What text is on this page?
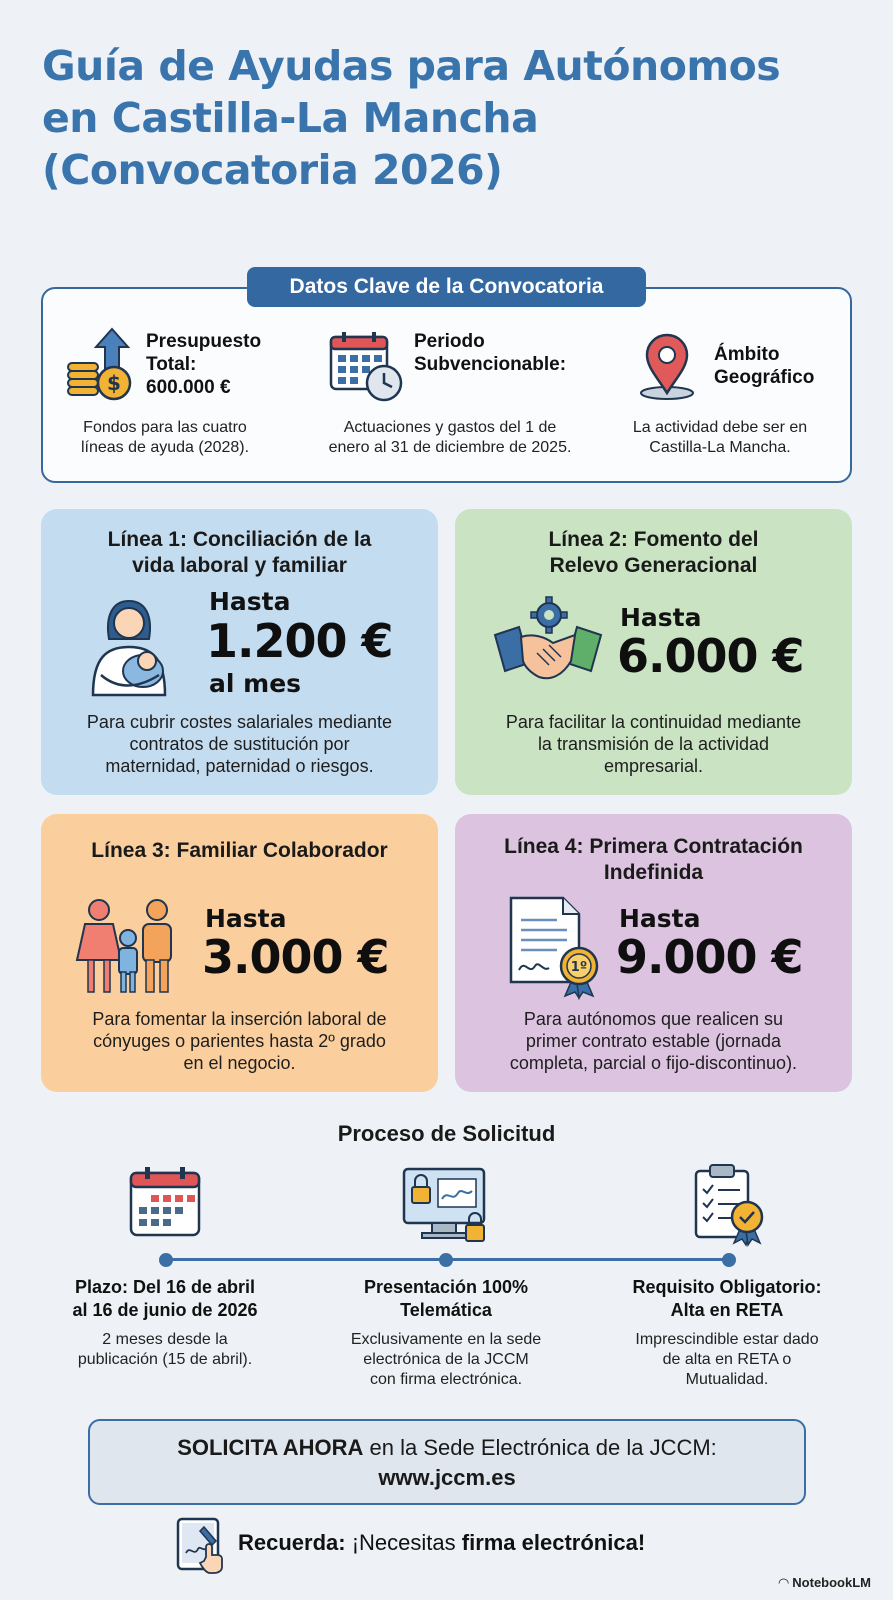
Guía de Ayudas para Autónomos
en Castilla-La Mancha
(Convocatoria 2026)
Datos Clave de la Convocatoria
$
Presupuesto
Total:
600.000 €
Fondos para las cuatro
líneas de ayuda (2028).
Periodo
Subvencionable:
Actuaciones y gastos del 1 de
enero al 31 de diciembre de 2025.
Ámbito
Geográfico
La actividad debe ser en
Castilla-La Mancha.
Línea 1: Conciliación de la
vida laboral y familiar
Hasta
1.200 €
al mes
Para cubrir costes salariales mediante
contratos de sustitución por
maternidad, paternidad o riesgos.
Línea 2: Fomento del
Relevo Generacional
Hasta
6.000 €
Para facilitar la continuidad mediante
la transmisión de la actividad
empresarial.
Línea 3: Familiar Colaborador
Hasta
3.000 €
Para fomentar la inserción laboral de
cónyuges o parientes hasta 2º grado
en el negocio.
Línea 4: Primera Contratación
Indefinida
1º
Hasta
9.000 €
Para autónomos que realicen su
primer contrato estable (jornada
completa, parcial o fijo-discontinuo).
Proceso de Solicitud
Plazo: Del 16 de abril
al 16 de junio de 2026
2 meses desde la
publicación (15 de abril).
Presentación 100%
Telemática
Exclusivamente en la sede
electrónica de la JCCM
con firma electrónica.
Requisito Obligatorio:
Alta en RETA
Imprescindible estar dado
de alta en RETA o
Mutualidad.
SOLICITA AHORA en la Sede Electrónica de la JCCM:
www.jccm.es
Recuerda: ¡Necesitas firma electrónica!
◠ NotebookLM
